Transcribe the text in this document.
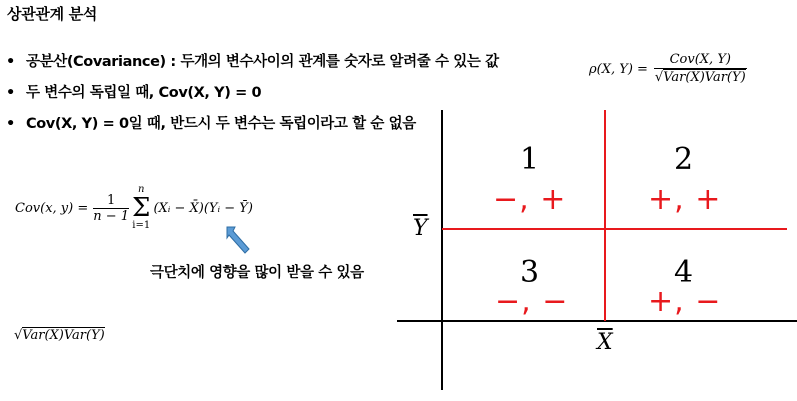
상관관계 분석
• 공분산(Covariance) : 두개의 변수사이의 관계를 숫자로 알려줄 수 있는 값
• 두 변수의 독립일 때, Cov(X, Y) = 0
• Cov(X, Y) = 0일 때, 반드시 두 변수는 독립이라고 할 순 없음
ρ(X, Y) =	Cov(X, Y)
√Var(X)Var(Y)
Cov(x, y) =	
1
n − 1

n
Σ
i=1
	(Xᵢ − X̄)(Yᵢ − Ȳ)
극단치에 영향을 많이 받을 수 있음
√Var(X)Var(Y)
$\overline{Y}$
$\overline{X}$
1
−, +
2
+, +
3
−, −
4
+, −
